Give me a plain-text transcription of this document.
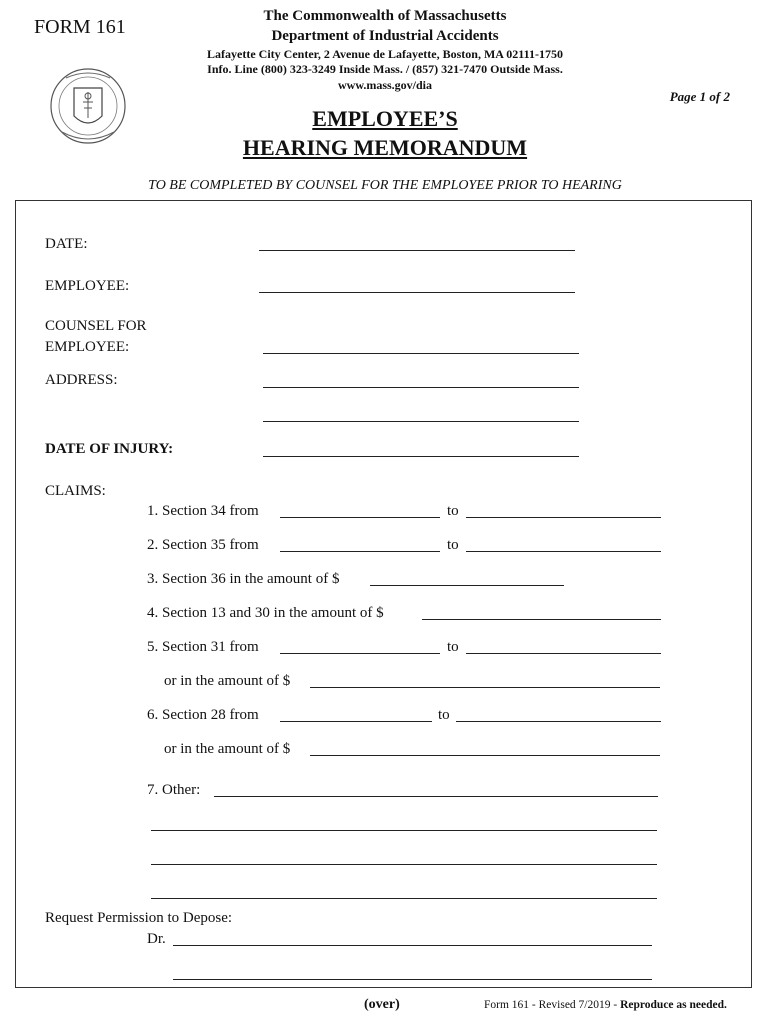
FORM 161	The Commonwealth of Massachusetts
Department of Industrial Accidents
Lafayette City Center, 2 Avenue de Lafayette, Boston, MA 02111-1750
Info. Line (800) 323-3249 Inside Mass. / (857) 321-7470 Outside Mass.
www.mass.gov/dia
Page 1 of 2
EMPLOYEE’S
HEARING MEMORANDUM
TO BE COMPLETED BY COUNSEL FOR THE EMPLOYEE PRIOR TO HEARING
DATE:
EMPLOYEE:
COUNSEL FOR
EMPLOYEE:
ADDRESS:
DATE OF INJURY:
CLAIMS:
1. Section 34 from	to
2. Section 35 from	to
3. Section 36 in the amount of $
4. Section 13 and 30 in the amount of $
5. Section 31 from	to
or in the amount of $
6. Section 28 from	to
or in the amount of $
7. Other:
Request Permission to Depose:
Dr.
(over)	Form 161 - Revised 7/2019 - Reproduce as needed.
